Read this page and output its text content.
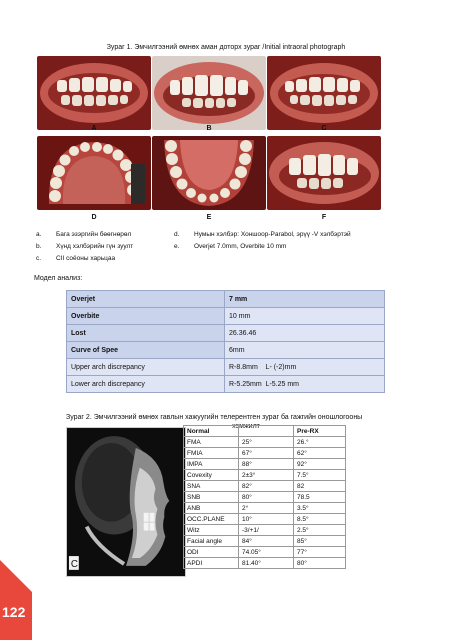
Зураг 1. Эмчилгээний өмнөх аман доторх зураг /Initial intraoral photograph
A	B	C
D	E	F
a.	Бага эзэргийн бөөгнөрөл
b.	Хүнд хэлбэрийн гүн зуулт
c.	CII соёоны харьцаа
d.	Нумын хэлбэр: Хоншоор-Parabol, эрүү -V хэлбэртэй
e.	Overjet 7.0mm, Overbite 10 mm
Модел анализ:
Overjet	7 mm
Overbite	10 mm
Lost	26.36.46
Curve of Spee	6mm
Upper arch discrepancy	R-8.8mm    L- (-2)mm
Lower arch discrepancy	R-5.25mm  L-5.25 mm
Зураг 2. Эмчилгээний өмнөх гавлын хажуугийн телерентген зураг ба гажгийн оношлогооны
хэмжилт
C
Normal		Pre-RX
FMA	25°	26.°
FMIA	67°	62°
IMPA	88°	92°
Covexity	2±3°	7.5°
SNA	82°	82
SNB	80°	78.5
ANB	2°	3.5°
OCC.PLANE	10°	8.5°
Witz	-3/+1/	2.5°
Facial angle	84°	85°
ODI	74.05°	77°
APDI	81.40°	80°
122
